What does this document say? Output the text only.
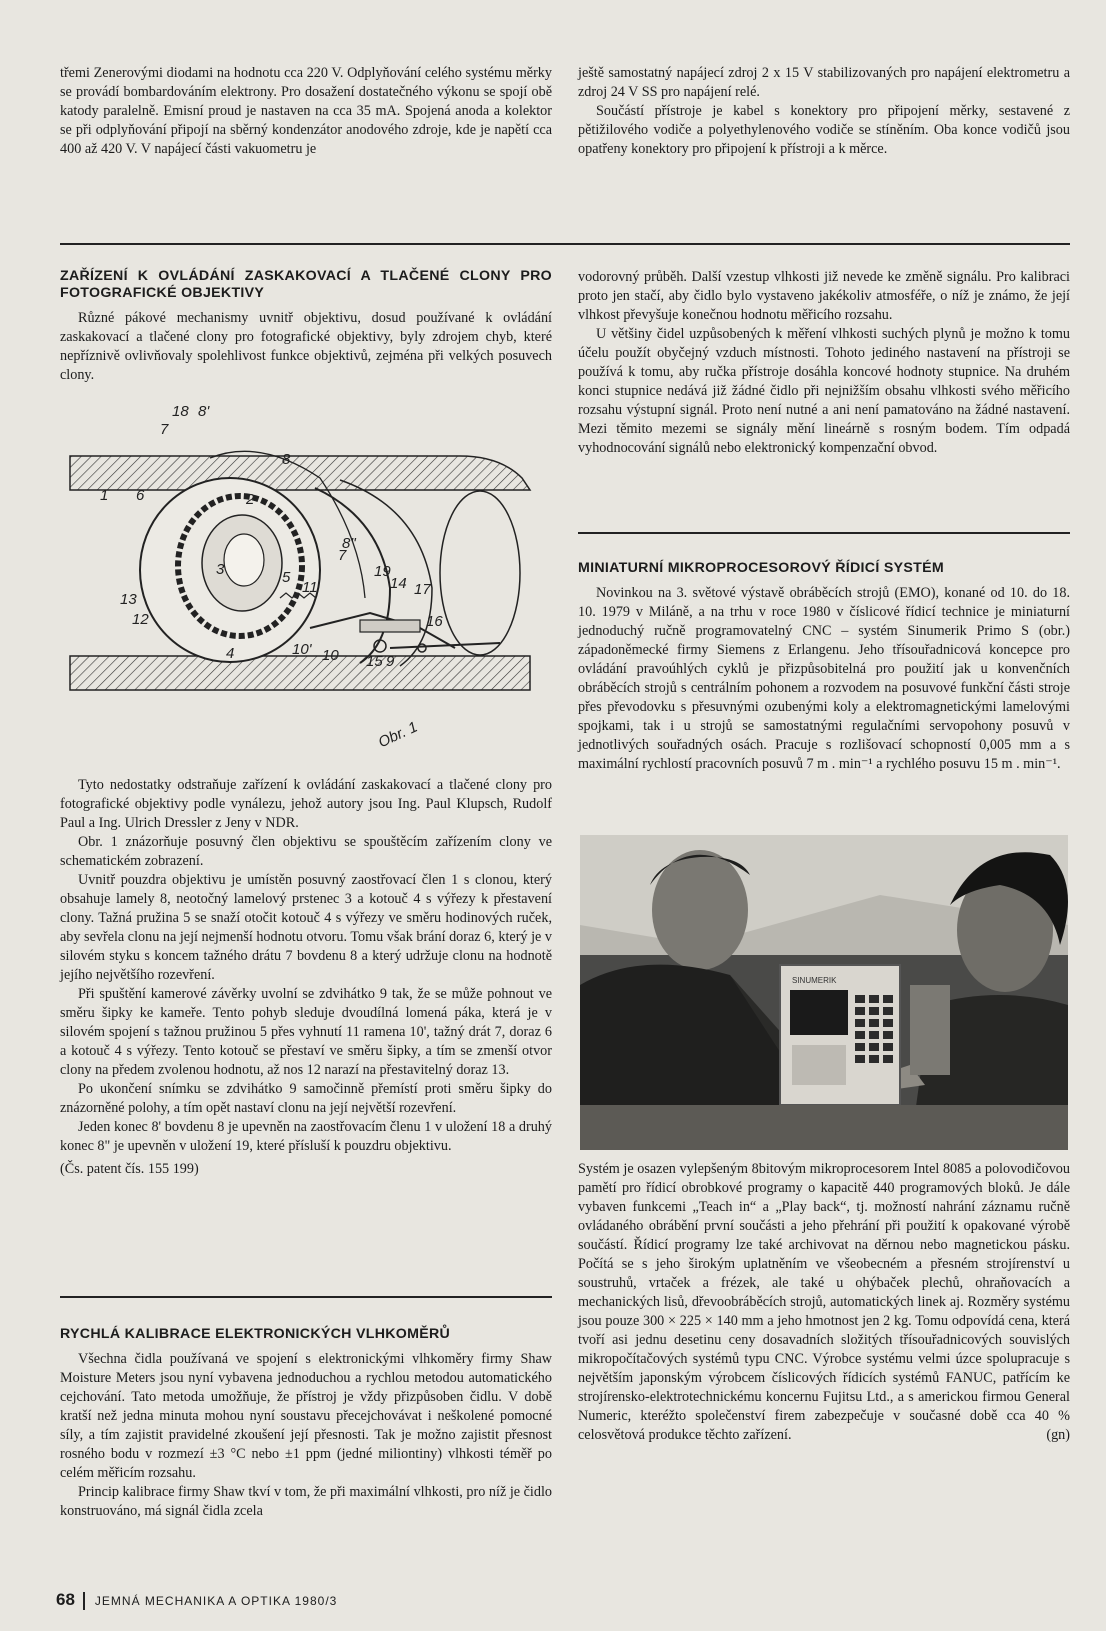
třemi Zenerovými diodami na hodnotu cca 220 V. Odplyňování celého systému měrky se provádí bombardováním elektrony. Pro dosažení dostatečného výkonu se spojí obě katody paralelně. Emisní proud je nastaven na cca 35 mA. Spojená anoda a kolektor se při odplyňování připojí na sběrný kondenzátor anodového zdroje, kde je napětí cca 400 až 420 V. V napájecí části vakuometru je

ještě samostatný napájecí zdroj 2 x 15 V stabilizovaných pro napájení elektrometru a zdroj 24 V SS pro napájení relé.

Součástí přístroje je kabel s konektory pro připojení měrky, sestavené z pětižilového vodiče a polyethylenového vodiče se stíněním. Oba konce vodičů jsou opatřeny konektory pro připojení k přístroji a k měrce.

ZAŘÍZENÍ K OVLÁDÁNÍ ZASKAKOVACÍ A TLAČENÉ CLONY PRO FOTOGRAFICKÉ OBJEKTIVY

Různé pákové mechanismy uvnitř objektivu, dosud používané k ovládání zaskakovací a tlačené clony pro fotografické objektivy, byly zdrojem chyb, které nepříznivě ovlivňovaly spolehlivost funkce objektivů, zejména při velkých posuvech clony.

18 8'
7
8
1 6	2
3	5
11
7
8"
19
14 17
13
12	16
4	10' 10 15 9
Obr. 1

Tyto nedostatky odstraňuje zařízení k ovládání zaskakovací a tlačené clony pro fotografické objektivy podle vynálezu, jehož autory jsou Ing. Paul Klupsch, Rudolf Paul a Ing. Ulrich Dressler z Jeny v NDR.

Obr. 1 znázorňuje posuvný člen objektivu se spouštěcím zařízením clony ve schematickém zobrazení.

Uvnitř pouzdra objektivu je umístěn posuvný zaostřovací člen 1 s clonou, který obsahuje lamely 8, neotočný lamelový prstenec 3 a kotouč 4 s výřezy k přestavení clony. Tažná pružina 5 se snaží otočit kotouč 4 s výřezy ve směru hodinových ruček, aby sevřela clonu na její nejmenší hodnotu otvoru. Tomu však brání doraz 6, který je v silovém styku s koncem tažného drátu 7 bovdenu 8 a který udržuje clonu na hodnotě jejího největšího rozevření.

Při spuštění kamerové závěrky uvolní se zdvihátko 9 tak, že se může pohnout ve směru šipky ke kameře. Tento pohyb sleduje dvoudílná lomená páka, která je v silovém spojení s tažnou pružinou 5 přes vyhnutí 11 ramena 10', tažný drát 7, doraz 6 a kotouč 4 s výřezy. Tento kotouč se přestaví ve směru šipky, a tím se zmenší otvor clony na předem zvolenou hodnotu, až nos 12 narazí na přestavitelný doraz 13.

Po ukončení snímku se zdvihátko 9 samočinně přemístí proti směru šipky do znázorněné polohy, a tím opět nastaví clonu na její největší rozevření.

Jeden konec 8' bovdenu 8 je upevněn na zaostřovacím členu 1 v uložení 18 a druhý konec 8" je upevněn v uložení 19, které přísluší k pouzdru objektivu.

(Čs. patent čís. 155 199)

RYCHLÁ KALIBRACE ELEKTRONICKÝCH VLHKOMĚRŮ

Všechna čidla používaná ve spojení s elektronickými vlhkoměry firmy Shaw Moisture Meters jsou nyní vybavena jednoduchou a rychlou metodou automatického cejchování. Tato metoda umožňuje, že přístroj je vždy přizpůsoben čidlu. V době kratší než jedna minuta mohou nyní soustavu přecejchovávat i neškolené pomocné síly, a tím zajistit pravidelné zkoušení její přesnosti. Tak je možno zajistit přesnost rosného bodu v rozmezí ±3 °C nebo ±1 ppm (jedné miliontiny) vlhkosti téměř po celém měřicím rozsahu.

Princip kalibrace firmy Shaw tkví v tom, že při maximální vlhkosti, pro níž je čidlo konstruováno, má signál čidla zcela

vodorovný průběh. Další vzestup vlhkosti již nevede ke změně signálu. Pro kalibraci proto jen stačí, aby čidlo bylo vystaveno jakékoliv atmosféře, o níž je známo, že její vlhkost převyšuje konečnou hodnotu měřicího rozsahu.

U většiny čidel uzpůsobených k měření vlhkosti suchých plynů je možno k tomu účelu použít obyčejný vzduch místnosti. Tohoto jediného nastavení na přístroji se používá k tomu, aby ručka přístroje dosáhla koncové hodnoty stupnice. Na druhém konci stupnice nedává již žádné čidlo při nejnižším obsahu vlhkosti svého měřicího rozsahu výstupní signál. Proto není nutné a ani není pamatováno na žádné nastavení. Mezi těmito mezemi se signály mění lineárně s rosným bodem. Tím odpadá vyhodnocování signálů nebo elektronický kompenzační obvod.

MINIATURNÍ MIKROPROCESOROVÝ ŘÍDICÍ SYSTÉM

Novinkou na 3. světové výstavě obráběcích strojů (EMO), konané od 10. do 18. 10. 1979 v Miláně, a na trhu v roce 1980 v číslicové řídicí technice je miniaturní jednoduchý ručně programovatelný CNC – systém Sinumerik Primo S (obr.) západoněmecké firmy Siemens z Erlangenu. Jeho třísouřadnicová koncepce pro ovládání pravoúhlých cyklů je přizpůsobitelná pro použití jak u konvenčních obráběcích strojů s centrálním pohonem a rozvodem na posuvové funkční části stroje přes převodovku s přesuvnými ozubenými koly a elektromagnetickými lamelovými spojkami, tak i u strojů se samostatnými regulačními servopohony posuvů v jednotlivých souřadných osách. Pracuje s rozlišovací schopností 0,005 mm a s maximální rychlostí pracovních posuvů 7 m . min⁻¹ a rychlého posuvu 15 m . min⁻¹.

SINUMERIK

Systém je osazen vylepšeným 8bitovým mikroprocesorem Intel 8085 a polovodičovou pamětí pro řídicí obrobkové programy o kapacitě 440 programových bloků. Je dále vybaven funkcemi „Teach in“ a „Play back“, tj. možností nahrání záznamu ručně ovládaného obrábění první součásti a jeho přehrání při použití k opakované výrobě součástí. Řídicí programy lze také archivovat na děrnou nebo magnetickou pásku. Počítá se s jeho širokým uplatněním ve všeobecném a přesném strojírenství u soustruhů, vrtaček a frézek, ale také u ohýbaček plechů, ohraňovacích a mechanických lisů, dřevoobráběcích strojů, automatických linek aj. Rozměry systému jsou pouze 300 × 225 × 140 mm a jeho hmotnost jen 2 kg. Tomu odpovídá cena, která tvoří asi jednu desetinu ceny dosavadních složitých třísouřadnicových souvislých mikropočítačových systémů typu CNC. Výrobce systému velmi úzce spolupracuje s největším japonským výrobcem číslicových řídicích systémů FANUC, patřícím ke strojírensko-elektrotechnickému koncernu Fujitsu Ltd., a s americkou firmou General Numeric, kteréžto společenství firem zabezpečuje v současné době cca 40 % celosvětová produkce těchto zařízení.	(gn)
68 JEMNÁ MECHANIKA A OPTIKA 1980/3
